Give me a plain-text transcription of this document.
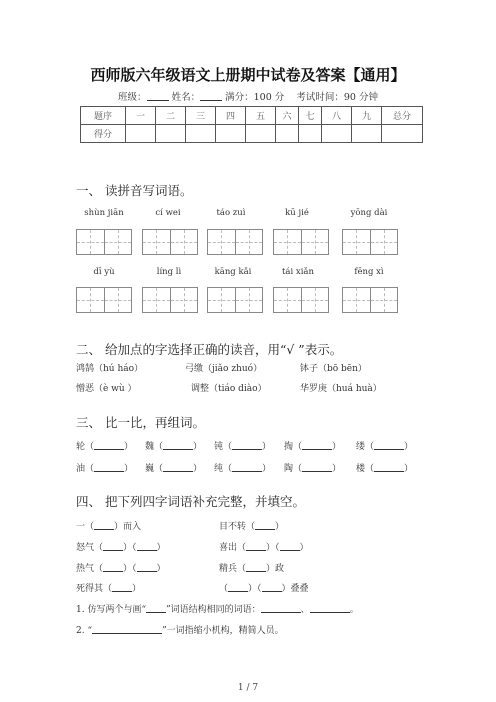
西师版六年级语文上册期中试卷及答案【通用】
班级：	姓名：	满分：100 分 考试时间：90 分钟
题序	一	二	三	四	五	六	七	八	九	总分
得分										
一、 读拼音写词语。
shùn jiān	cí wei	táo zuì	kū jié	yōng dài
dī yù	líng lì	kāng kǎi	tái xiǎn	fēng xì
二、 给加点的字选择正确的读音，用“√ ”表示。
鸿鹄（hú háo）	弓缴（jiǎo zhuó）	钵子（bō bēn）
憎恶（è wù ）	调整（tiáo diào）	华罗庚（huá huà）
三、 比一比，再组词。
轮（	） 魏（	） 钝（	） 掏（	） 缕（	）
油（	） 巍（	） 纯（	） 陶（	） 楼（	）
四、 把下列四字词语补充完整，并填空。
一（ ）而入
怒气（ ）（ ）
热气（ ）（ ）
死得其（ ）
目不转（ ）
喜出（ ）（ ）
精兵（ ）政
（ ）（ ）叠叠
1. 仿写两个与画“ ”词语结构相同的词语：	、	。
2. “	”一词指缩小机构，精简人员。
1 / 7
